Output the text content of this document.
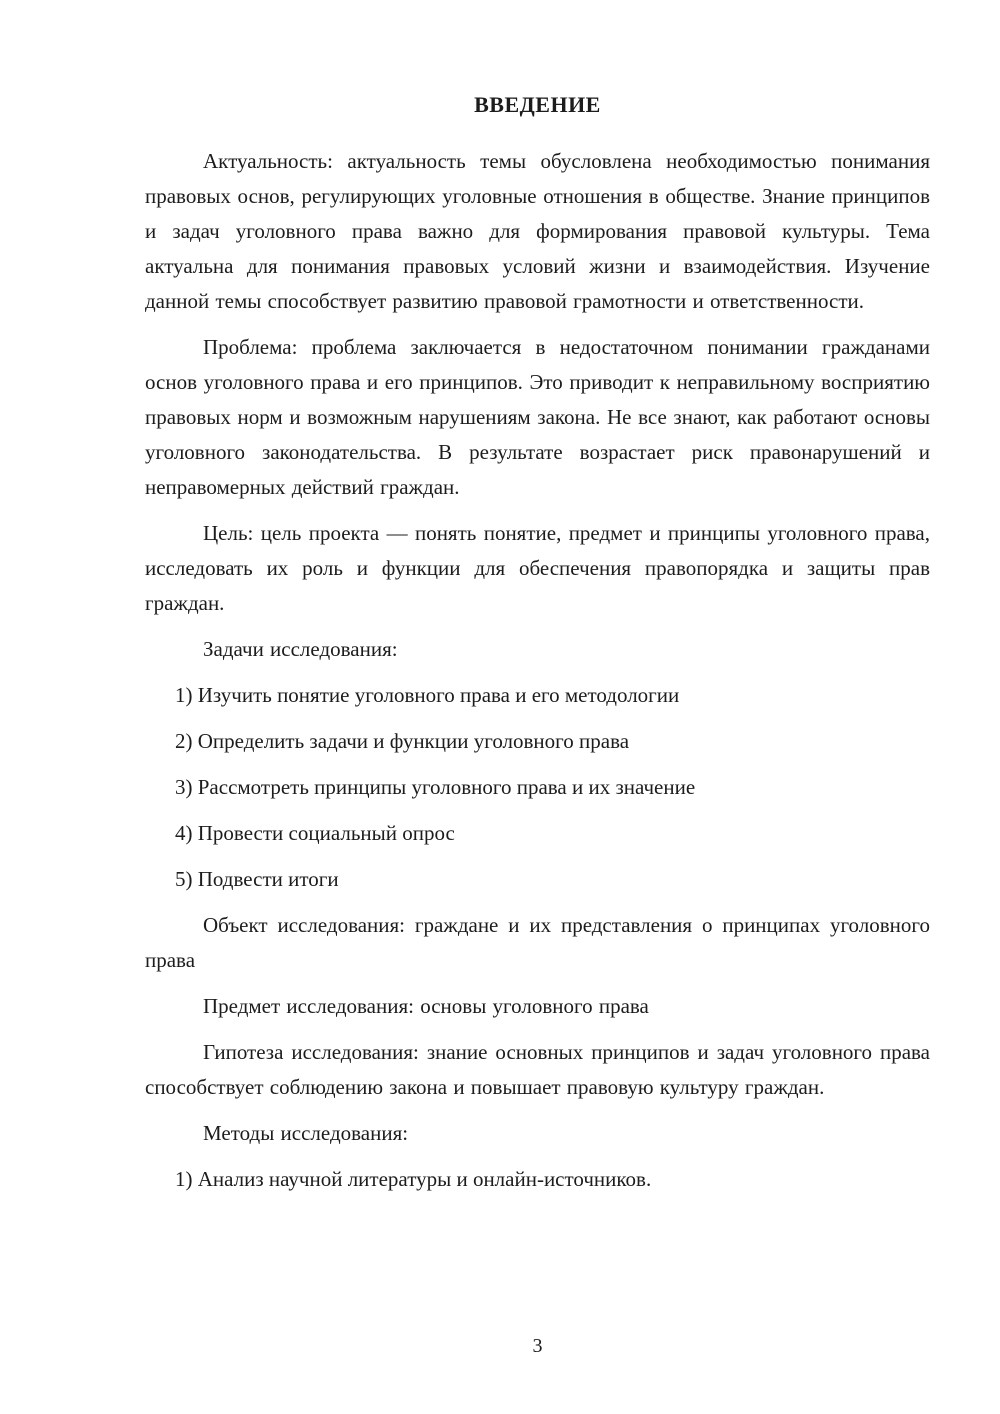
ВВЕДЕНИЕ

Актуальность: актуальность темы обусловлена необходимостью понимания правовых основ, регулирующих уголовные отношения в обществе. Знание принципов и задач уголовного права важно для формирования правовой культуры. Тема актуальна для понимания правовых условий жизни и взаимодействия. Изучение данной темы способствует развитию правовой грамотности и ответственности.

Проблема: проблема заключается в недостаточном понимании гражданами основ уголовного права и его принципов. Это приводит к неправильному восприятию правовых норм и возможным нарушениям закона. Не все знают, как работают основы уголовного законодательства. В результате возрастает риск правонарушений и неправомерных действий граждан.

Цель: цель проекта — понять понятие, предмет и принципы уголовного права, исследовать их роль и функции для обеспечения правопорядка и защиты прав граждан.

Задачи исследования:

1) Изучить понятие уголовного права и его методологии

2) Определить задачи и функции уголовного права

3) Рассмотреть принципы уголовного права и их значение

4) Провести социальный опрос

5) Подвести итоги

Объект исследования: граждане и их представления о принципах уголовного права

Предмет исследования: основы уголовного права

Гипотеза исследования: знание основных принципов и задач уголовного права способствует соблюдению закона и повышает правовую культуру граждан.

Методы исследования:

1) Анализ научной литературы и онлайн-источников.

3
